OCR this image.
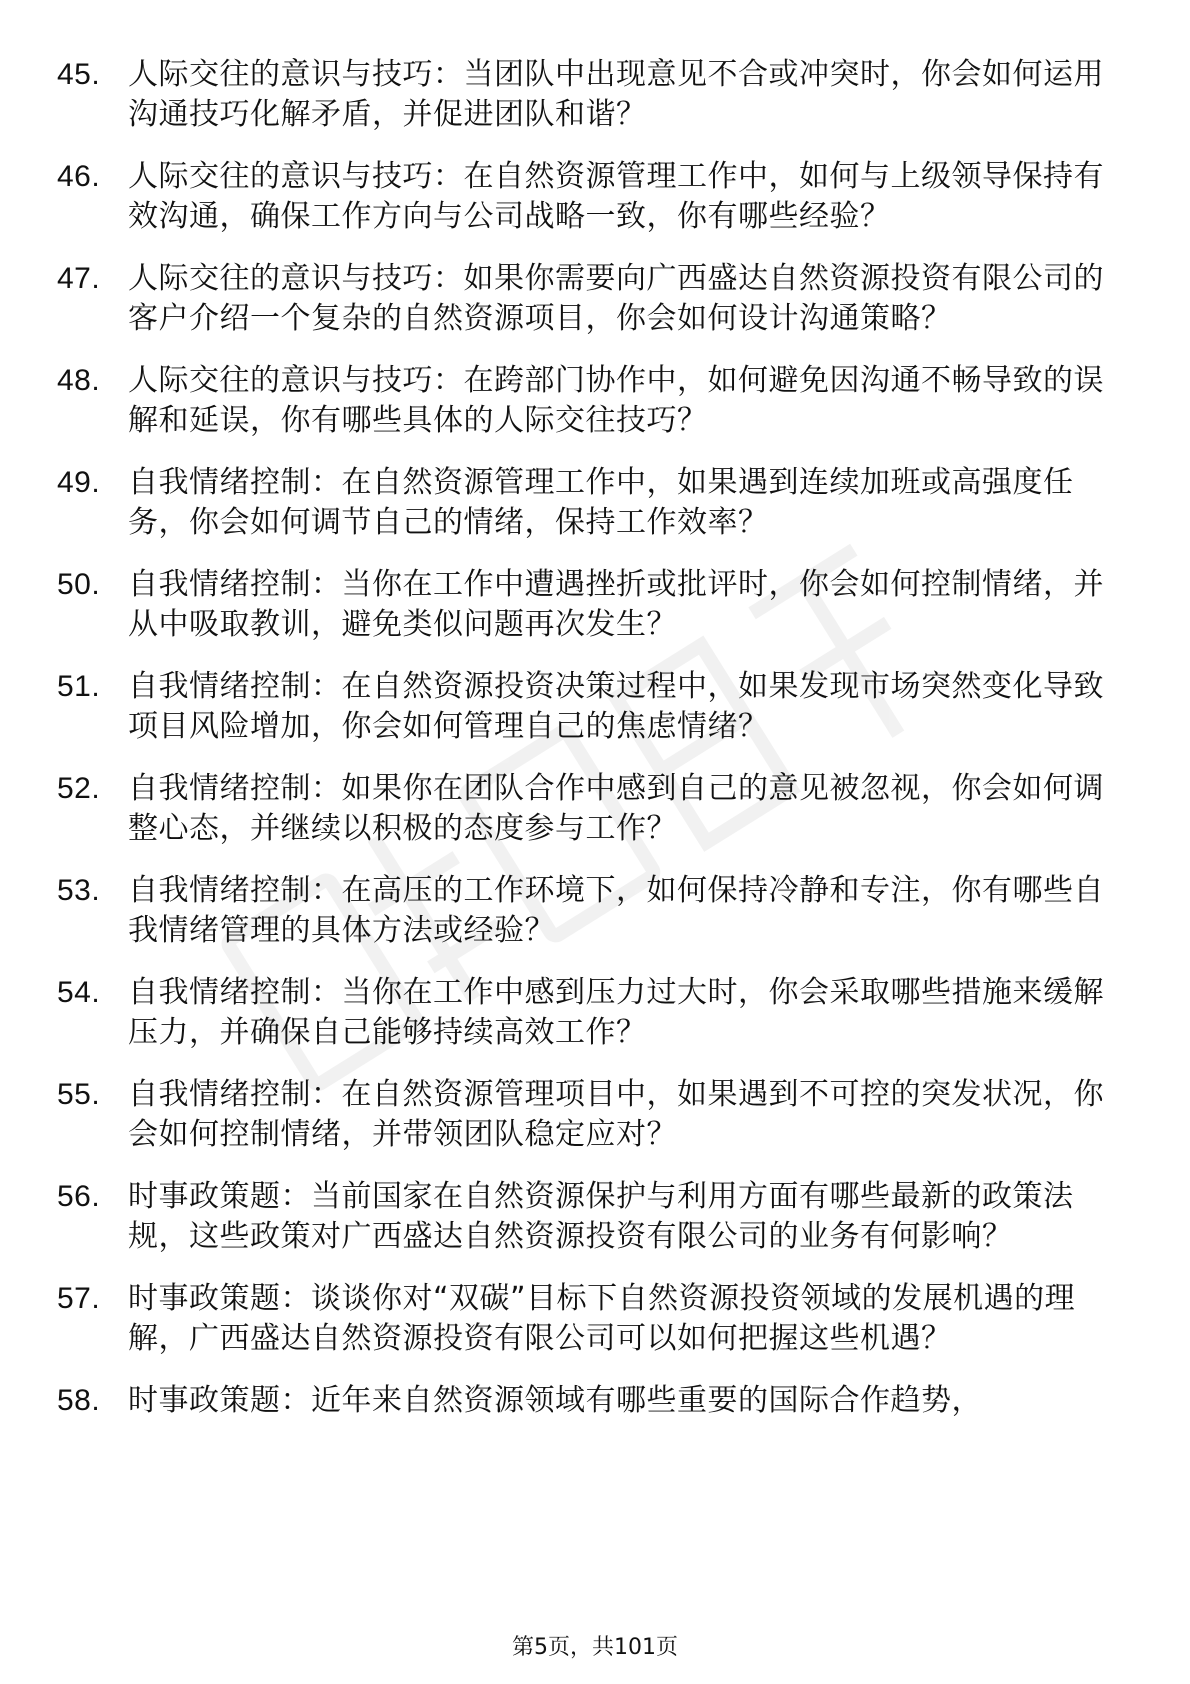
45. 人际交往的意识与技巧：当团队中出现意见不合或冲突时，你会如何运用沟通技巧化解矛盾，并促进团队和谐？
46. 人际交往的意识与技巧：在自然资源管理工作中，如何与上级领导保持有效沟通，确保工作方向与公司战略一致，你有哪些经验？
47. 人际交往的意识与技巧：如果你需要向广西盛达自然资源投资有限公司的客户介绍一个复杂的自然资源项目，你会如何设计沟通策略？
48. 人际交往的意识与技巧：在跨部门协作中，如何避免因沟通不畅导致的误解和延误，你有哪些具体的人际交往技巧？
49. 自我情绪控制：在自然资源管理工作中，如果遇到连续加班或高强度任务，你会如何调节自己的情绪，保持工作效率？
50. 自我情绪控制：当你在工作中遭遇挫折或批评时，你会如何控制情绪，并从中吸取教训，避免类似问题再次发生？
51. 自我情绪控制：在自然资源投资决策过程中，如果发现市场突然变化导致项目风险增加，你会如何管理自己的焦虑情绪？
52. 自我情绪控制：如果你在团队合作中感到自己的意见被忽视，你会如何调整心态，并继续以积极的态度参与工作？
53. 自我情绪控制：在高压的工作环境下，如何保持冷静和专注，你有哪些自我情绪管理的具体方法或经验？
54. 自我情绪控制：当你在工作中感到压力过大时，你会采取哪些措施来缓解压力，并确保自己能够持续高效工作？
55. 自我情绪控制：在自然资源管理项目中，如果遇到不可控的突发状况，你会如何控制情绪，并带领团队稳定应对？
56. 时事政策题：当前国家在自然资源保护与利用方面有哪些最新的政策法规，这些政策对广西盛达自然资源投资有限公司的业务有何影响？
57. 时事政策题：谈谈你对“双碳”目标下自然资源投资领域的发展机遇的理解，广西盛达自然资源投资有限公司可以如何把握这些机遇？
58. 时事政策题：近年来自然资源领域有哪些重要的国际合作趋势，
第5页，共101页
